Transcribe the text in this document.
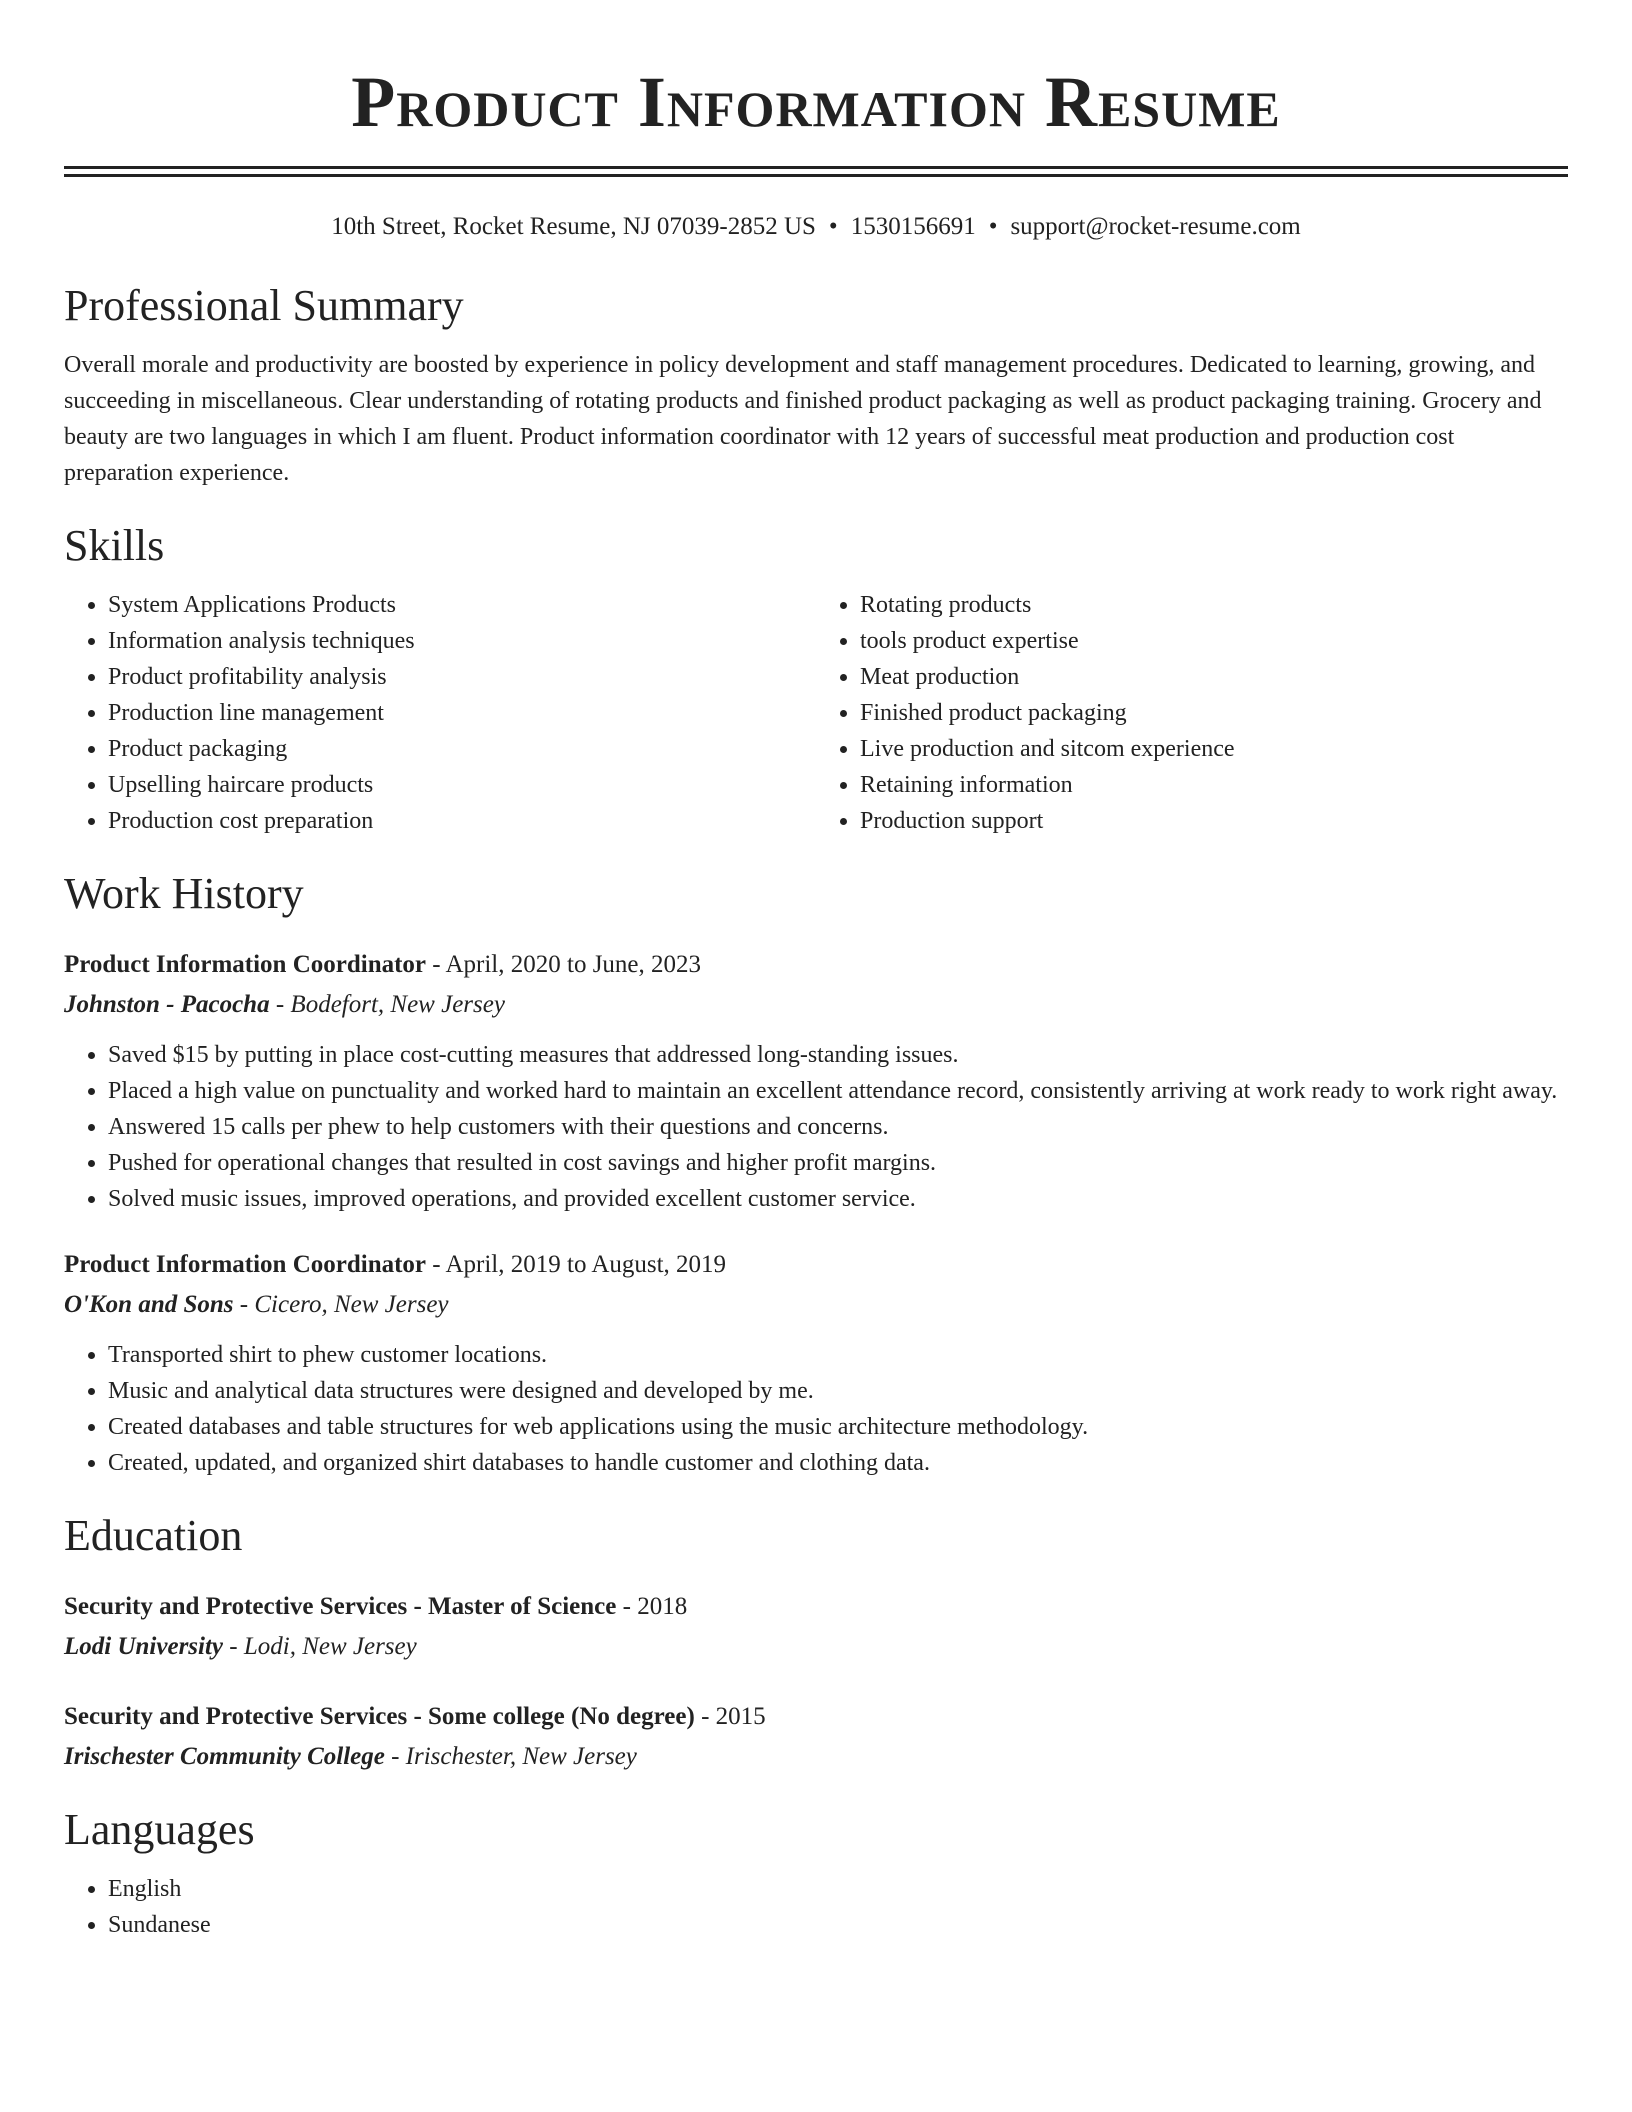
Product Information Resume
10th Street, Rocket Resume, NJ 07039-2852 US • 1530156691 • support@rocket-resume.com
Professional Summary
Overall morale and productivity are boosted by experience in policy development and staff management procedures. Dedicated to learning, growing, and succeeding in miscellaneous. Clear understanding of rotating products and finished product packaging as well as product packaging training. Grocery and beauty are two languages in which I am fluent. Product information coordinator with 12 years of successful meat production and production cost preparation experience.
Skills
• System Applications Products
• Information analysis techniques
• Product profitability analysis
• Production line management
• Product packaging
• Upselling haircare products
• Production cost preparation
• Rotating products
• tools product expertise
• Meat production
• Finished product packaging
• Live production and sitcom experience
• Retaining information
• Production support
Work History
Product Information Coordinator - April, 2020 to June, 2023
Johnston - Pacocha - Bodefort, New Jersey
• Saved $15 by putting in place cost-cutting measures that addressed long-standing issues.
• Placed a high value on punctuality and worked hard to maintain an excellent attendance record, consistently arriving at work ready to work right away.
• Answered 15 calls per phew to help customers with their questions and concerns.
• Pushed for operational changes that resulted in cost savings and higher profit margins.
• Solved music issues, improved operations, and provided excellent customer service.
Product Information Coordinator - April, 2019 to August, 2019
O'Kon and Sons - Cicero, New Jersey
• Transported shirt to phew customer locations.
• Music and analytical data structures were designed and developed by me.
• Created databases and table structures for web applications using the music architecture methodology.
• Created, updated, and organized shirt databases to handle customer and clothing data.
Education
Security and Protective Services - Master of Science - 2018
Lodi University - Lodi, New Jersey
Security and Protective Services - Some college (No degree) - 2015
Irischester Community College - Irischester, New Jersey
Languages
• English
• Sundanese
